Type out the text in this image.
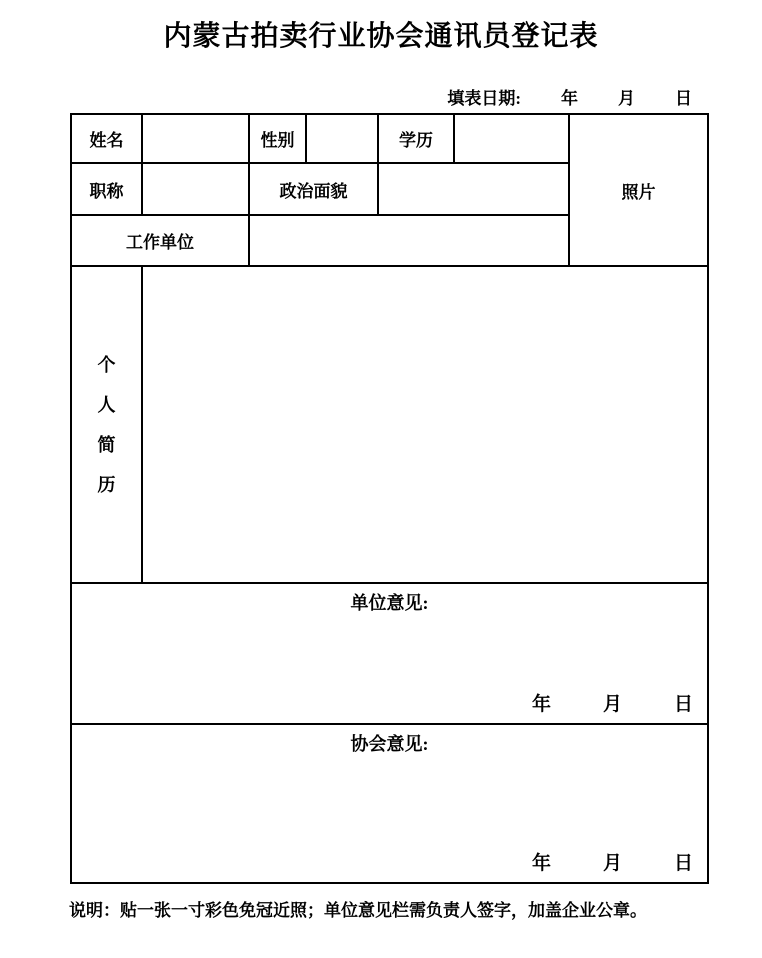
内蒙古拍卖行业协会通讯员登记表
填表日期: 年 月 日
姓名		性别		学历		照片
职称		政治面貌				
工作单位						

个
人
简
历						

单位意见:
年 月 日						

协会意见:
年 月 日						
说明：贴一张一寸彩色免冠近照；单位意见栏需负责人签字，加盖企业公章。
